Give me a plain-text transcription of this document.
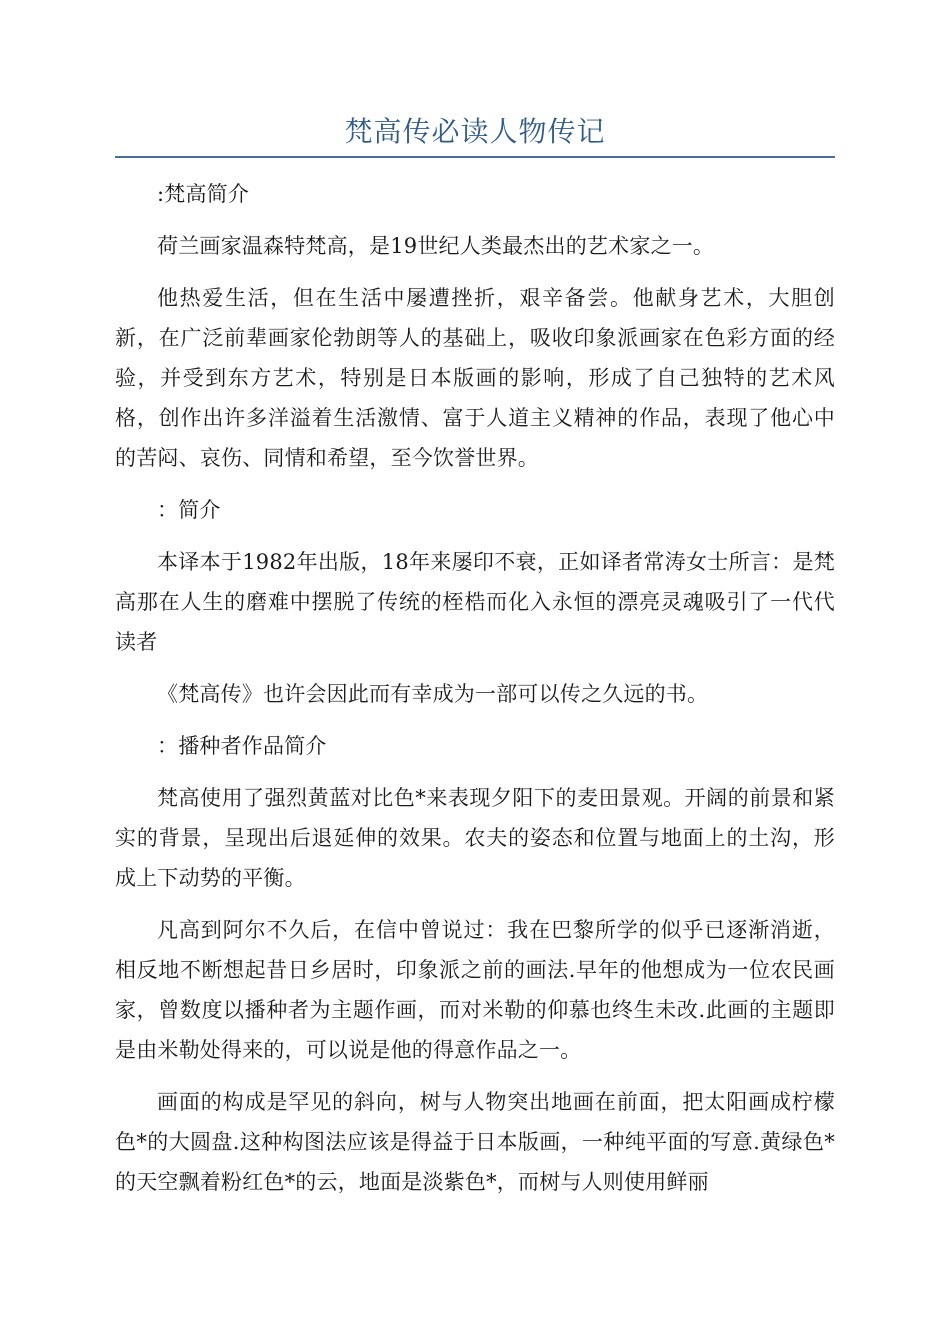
梵高传必读人物传记

:梵高简介

荷兰画家温森特梵高，是19世纪人类最杰出的艺术家之一。

他热爱生活，但在生活中屡遭挫折，艰辛备尝。他献身艺术，大胆创新，在广泛前辈画家伦勃朗等人的基础上，吸收印象派画家在色彩方面的经验，并受到东方艺术，特别是日本版画的影响，形成了自己独特的艺术风格，创作出许多洋溢着生活激情、富于人道主义精神的作品，表现了他心中的苦闷、哀伤、同情和希望，至今饮誉世界。

：简介

本译本于1982年出版，18年来屡印不衰，正如译者常涛女士所言：是梵高那在人生的磨难中摆脱了传统的桎梏而化入永恒的漂亮灵魂吸引了一代代读者

《梵高传》也许会因此而有幸成为一部可以传之久远的书。

：播种者作品简介

梵高使用了强烈黄蓝对比色*来表现夕阳下的麦田景观。开阔的前景和紧实的背景，呈现出后退延伸的效果。农夫的姿态和位置与地面上的土沟，形成上下动势的平衡。

凡高到阿尔不久后，在信中曾说过：我在巴黎所学的似乎已逐渐消逝，相反地不断想起昔日乡居时，印象派之前的画法.早年的他想成为一位农民画家，曾数度以播种者为主题作画，而对米勒的仰慕也终生未改.此画的主题即是由米勒处得来的，可以说是他的得意作品之一。

画面的构成是罕见的斜向，树与人物突出地画在前面，把太阳画成柠檬色*的大圆盘.这种构图法应该是得益于日本版画，一种纯平面的写意.黄绿色*的天空飘着粉红色*的云，地面是淡紫色*，而树与人则使用鲜丽
